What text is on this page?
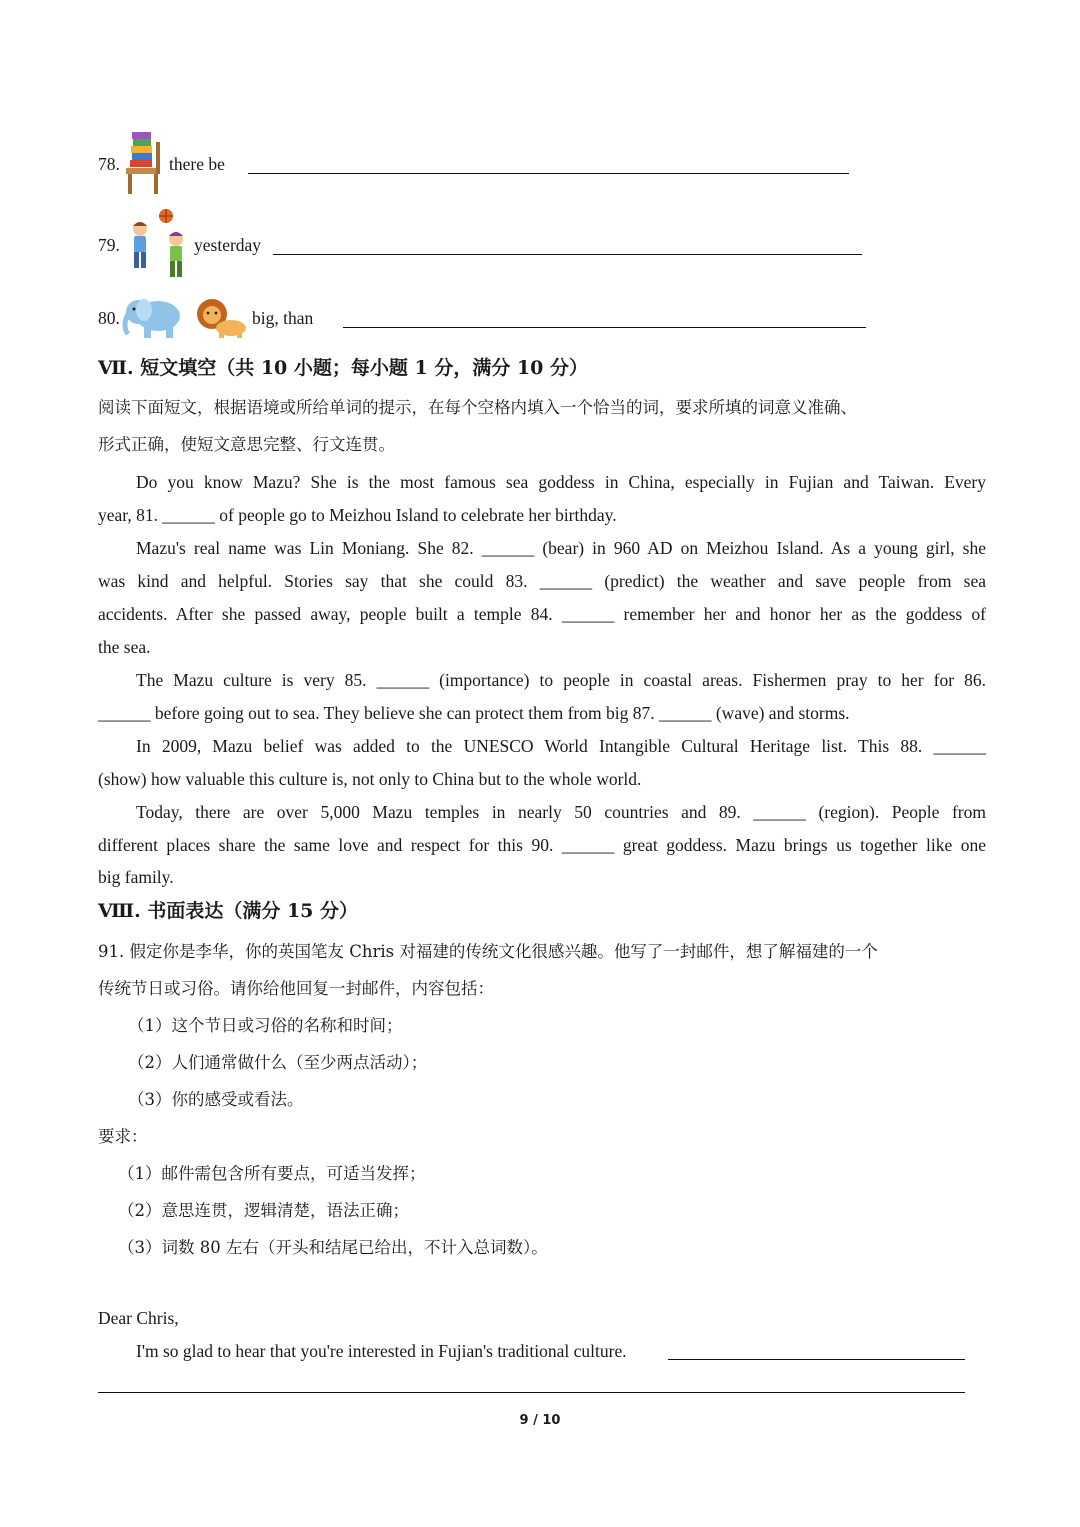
78.	there be
79.	yesterday
80.	big, than
Ⅶ. 短文填空（共 10 小题；每小题 1 分，满分 10 分）
阅读下面短文，根据语境或所给单词的提示，在每个空格内填入一个恰当的词，要求所填的词意义准确、
形式正确，使短文意思完整、行文连贯。
Do you know Mazu? She is the most famous sea goddess in China, especially in Fujian and Taiwan. Every
year, 81. ______ of people go to Meizhou Island to celebrate her birthday.
Mazu's real name was Lin Moniang. She 82. ______ (bear) in 960 AD on Meizhou Island. As a young girl, she
was kind and helpful. Stories say that she could 83. ______ (predict) the weather and save people from sea
accidents. After she passed away, people built a temple 84. ______ remember her and honor her as the goddess of
the sea.
The Mazu culture is very 85. ______ (importance) to people in coastal areas. Fishermen pray to her for 86.
______ before going out to sea. They believe she can protect them from big 87. ______ (wave) and storms.
In 2009, Mazu belief was added to the UNESCO World Intangible Cultural Heritage list. This 88. ______
(show) how valuable this culture is, not only to China but to the whole world.
Today, there are over 5,000 Mazu temples in nearly 50 countries and 89. ______ (region). People from
different places share the same love and respect for this 90. ______ great goddess. Mazu brings us together like one
big family.
Ⅷ. 书面表达（满分 15 分）
91. 假定你是李华，你的英国笔友 Chris 对福建的传统文化很感兴趣。他写了一封邮件，想了解福建的一个
传统节日或习俗。请你给他回复一封邮件，内容包括：
（1）这个节日或习俗的名称和时间；
（2）人们通常做什么（至少两点活动）；
（3）你的感受或看法。
要求：
（1）邮件需包含所有要点，可适当发挥；
（2）意思连贯，逻辑清楚，语法正确；
（3）词数 80 左右（开头和结尾已给出，不计入总词数）。
Dear Chris,
I'm so glad to hear that you're interested in Fujian's traditional culture.
9 / 10
